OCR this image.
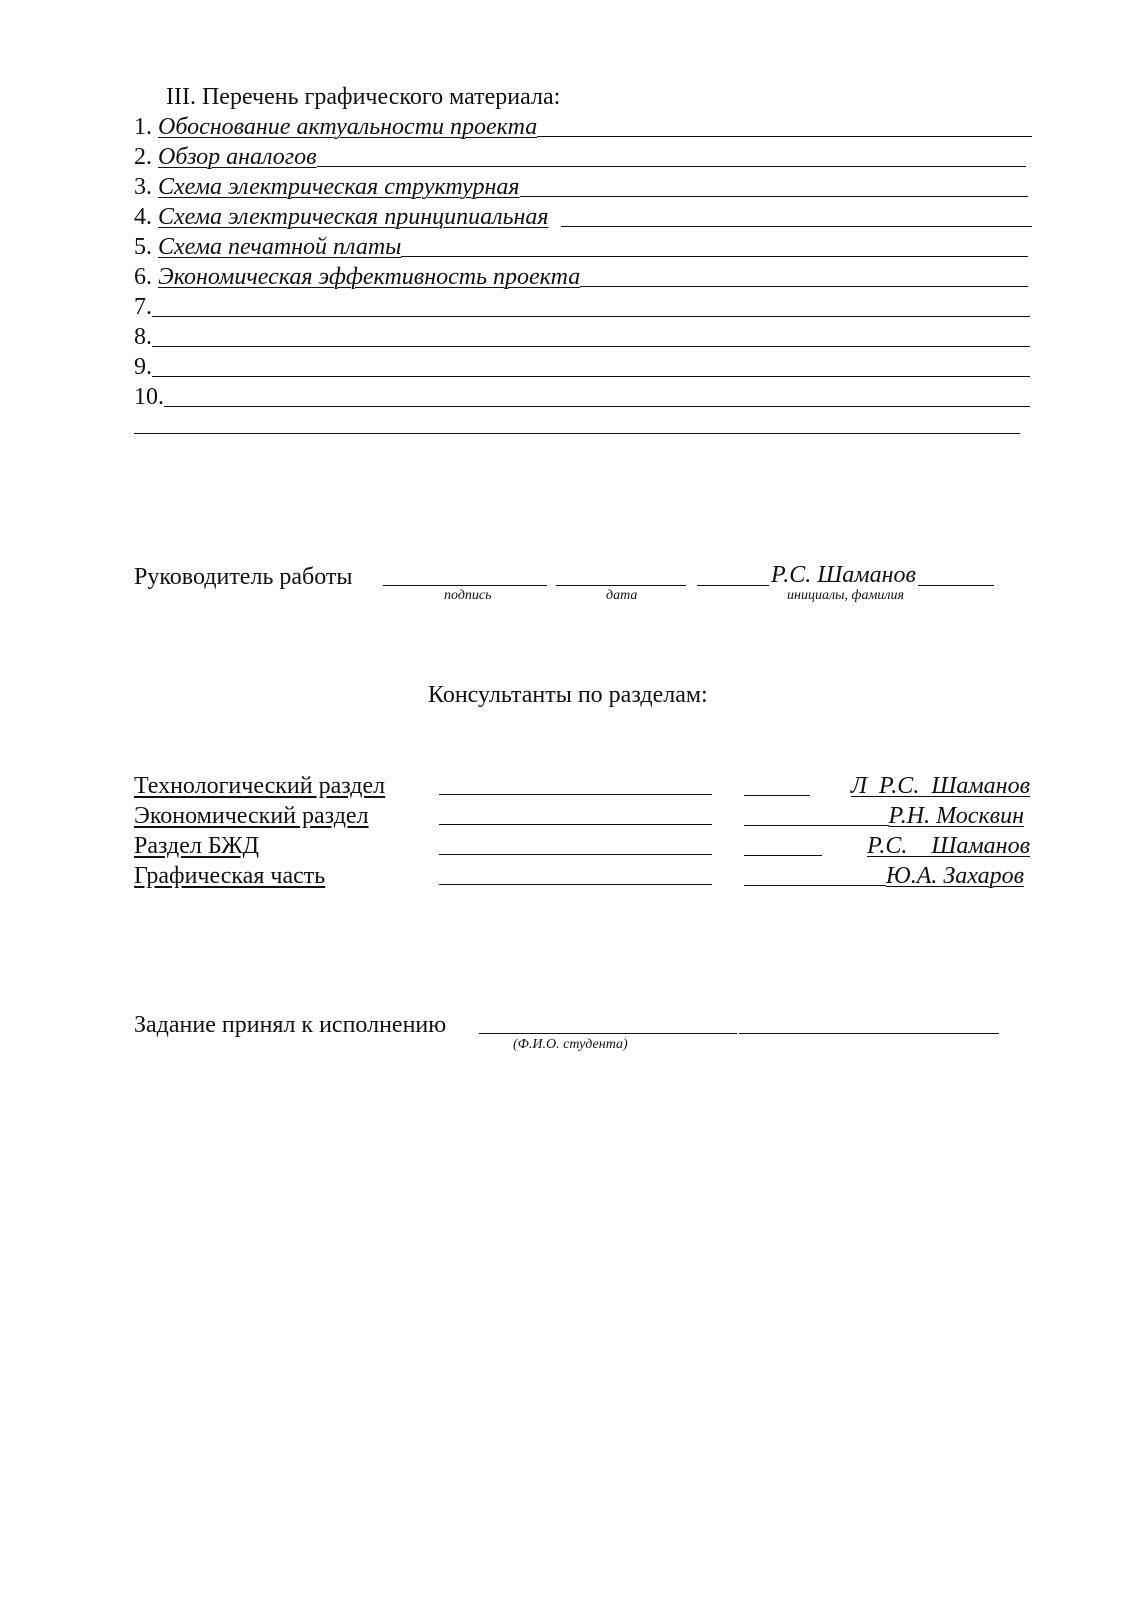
III. Перечень графического материала:
1.
Обоснование актуальности проекта
2.
Обзор аналогов
3.
Схема электрическая структурная
4.
Схема электрическая принципиальная
5.
Схема печатной платы
6.
Экономическая эффективность проекта
7.
8.
9.
10.
Руководитель работы	Р.С. Шаманов
подпись	дата	инициалы, фамилия
Консультанты по разделам:
Технологический раздел	Л  Р.С.  Шаманов
Экономический раздел	Р.Н. Москвин
Раздел БЖД	Р.С.    Шаманов
Графическая часть	Ю.А. Захаров
Задание принял к исполнению
(Ф.И.О. студента)
